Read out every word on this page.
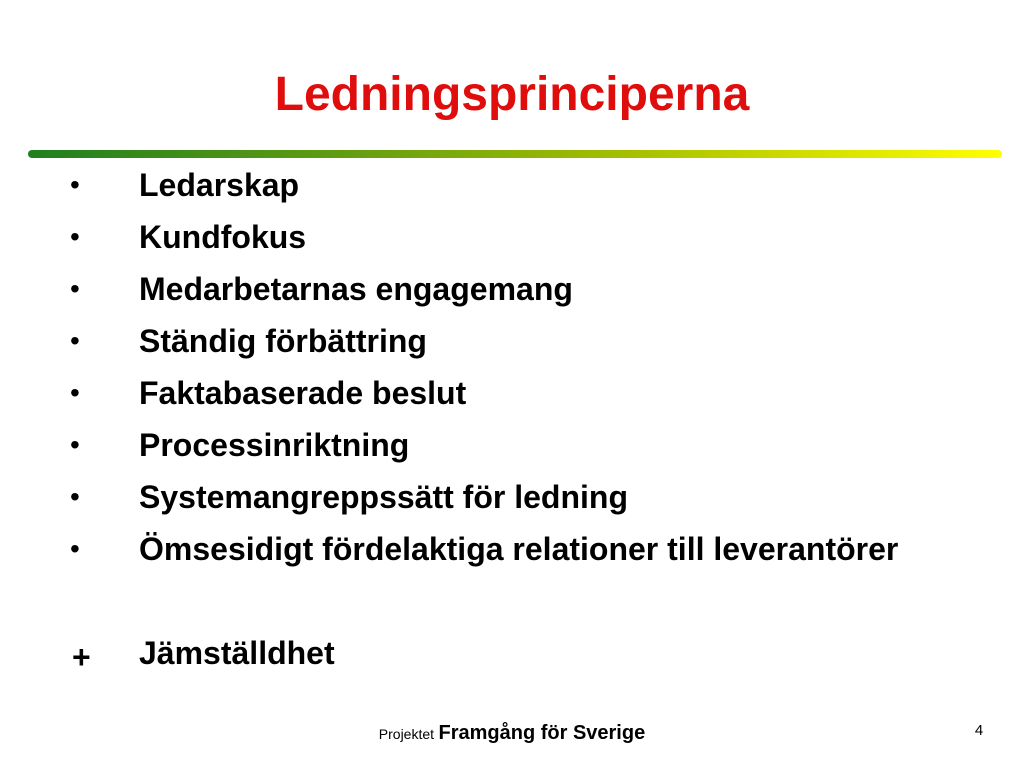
Ledningsprinciperna
•	Ledarskap
•	Kundfokus
•	Medarbetarnas engagemang
•	Ständig förbättring
•	Faktabaserade beslut
•	Processinriktning
•	Systemangreppssätt för ledning
•	Ömsesidigt fördelaktiga relationer till leverantörer
+ Jämställdhet
Projektet Framgång för Sverige	4
